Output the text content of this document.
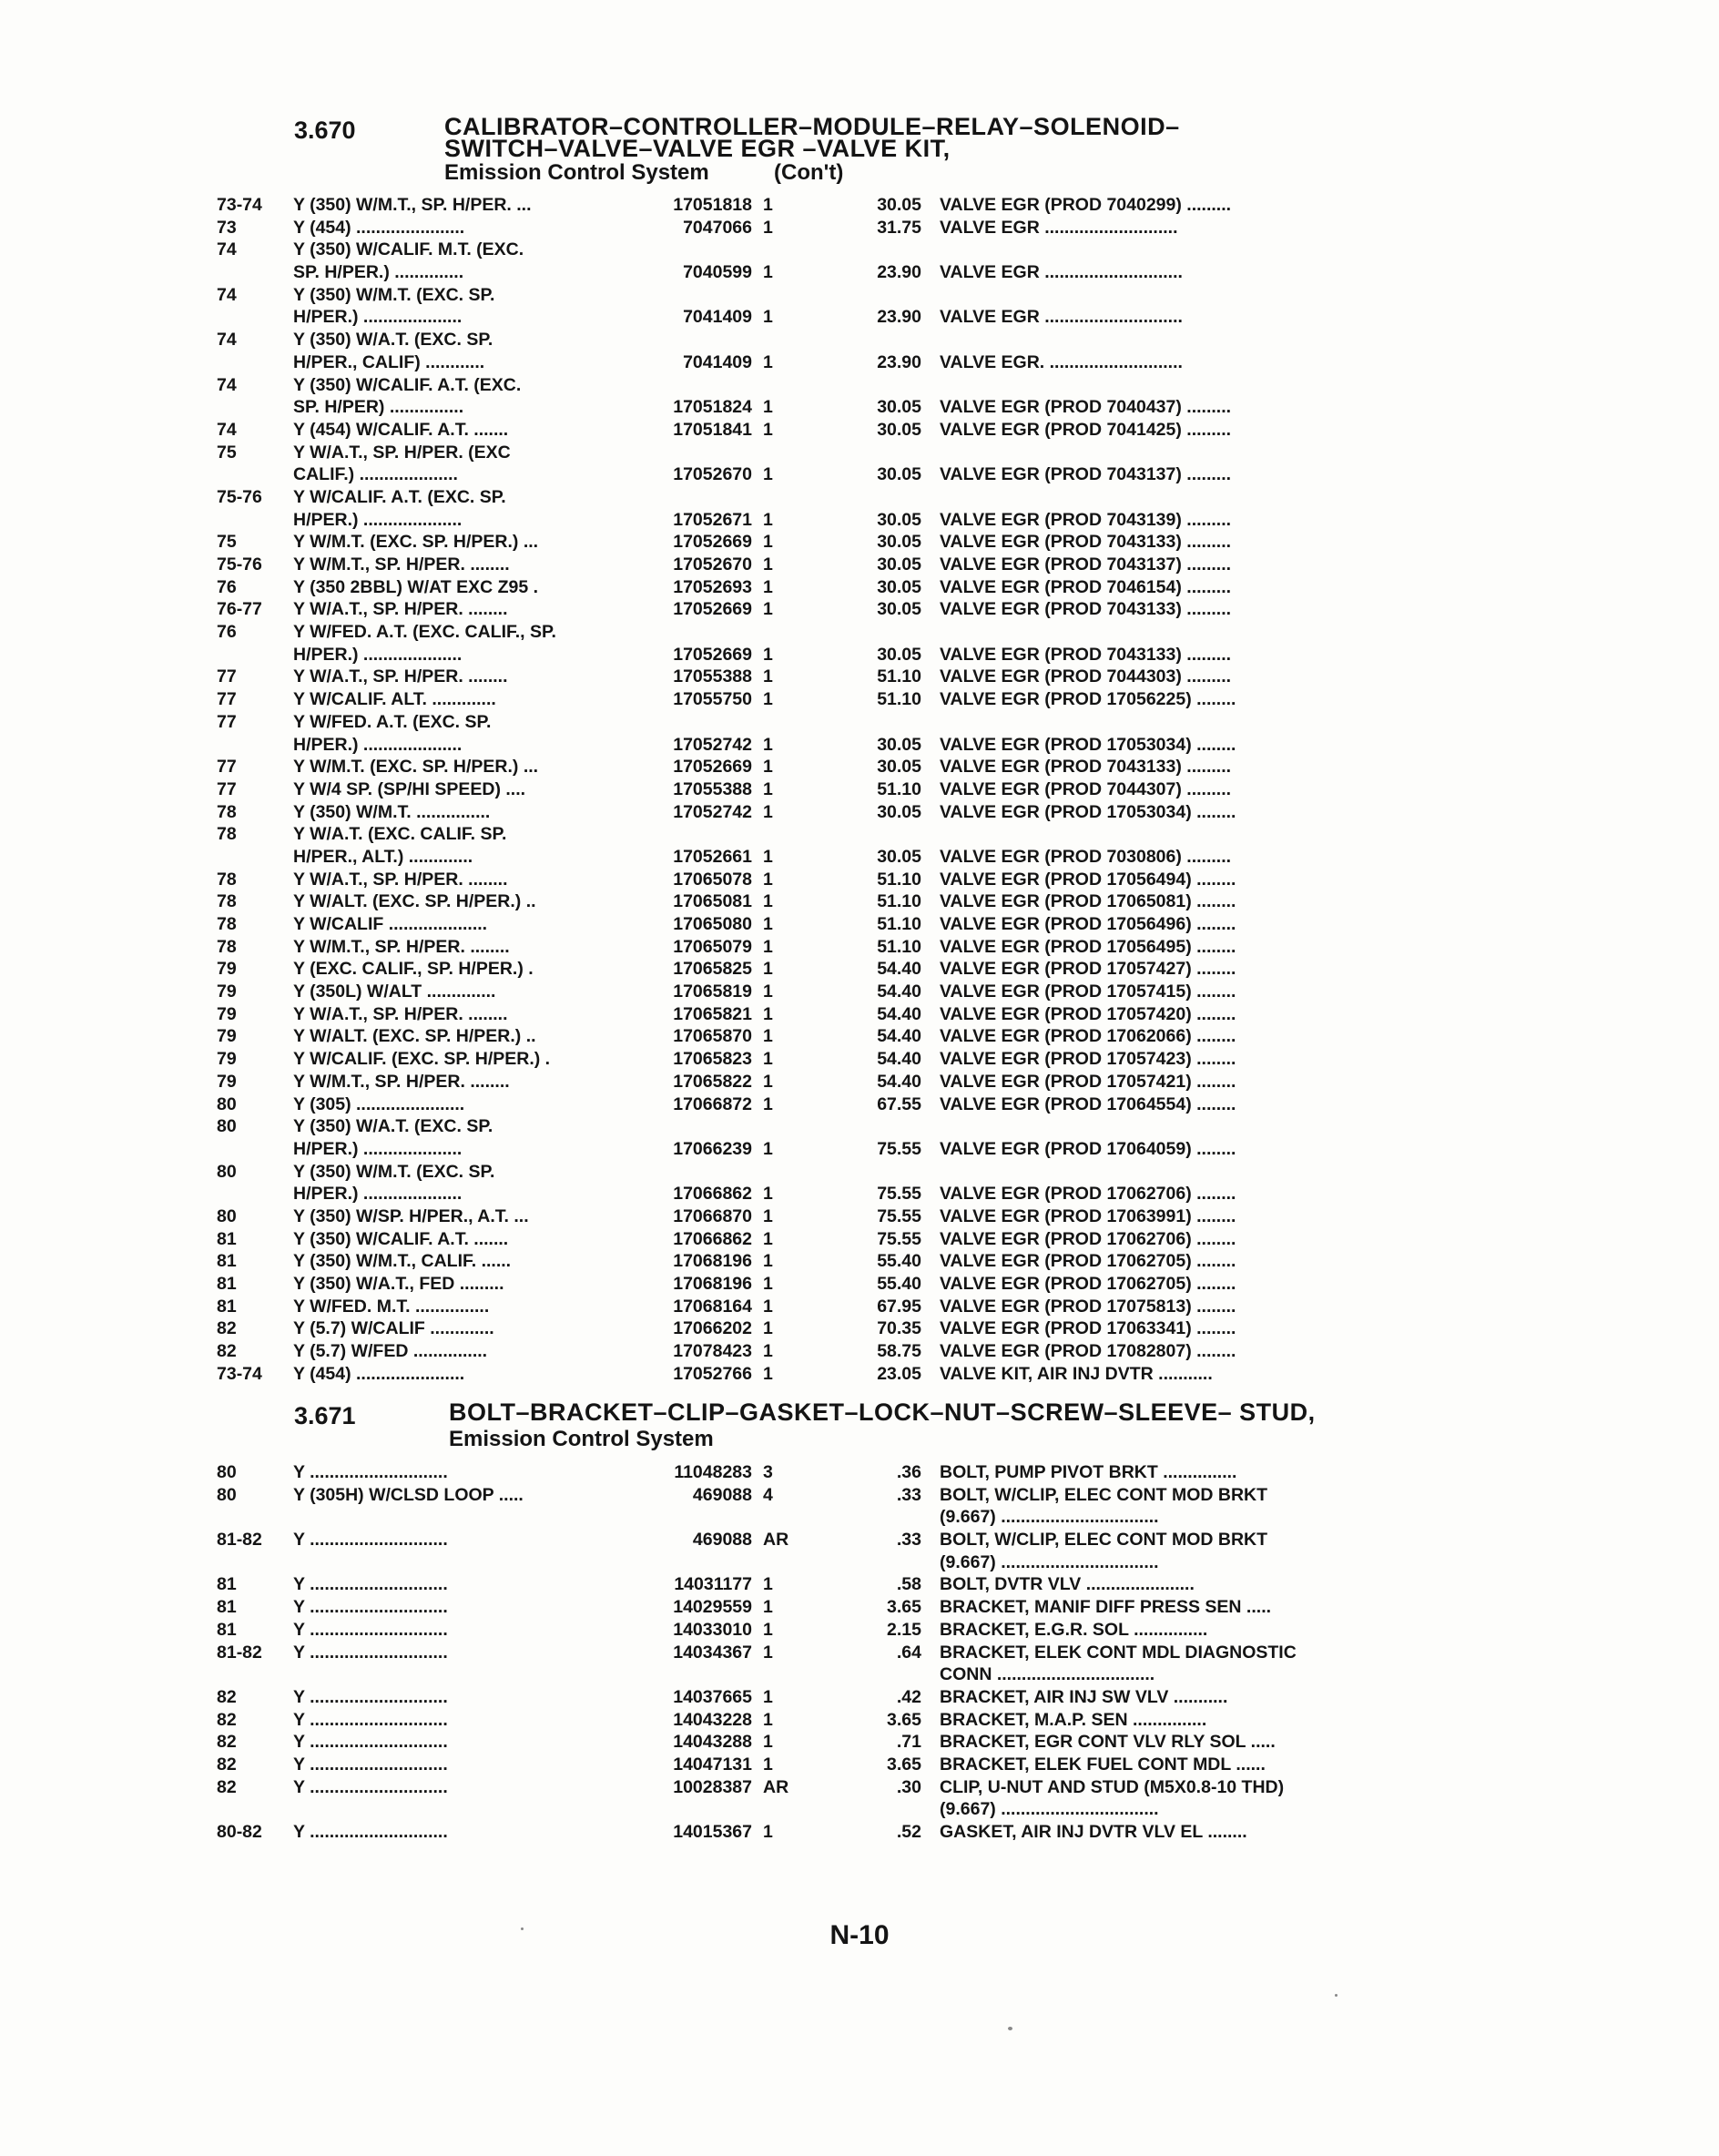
3.670	CALIBRATOR–CONTROLLER–MODULE–RELAY–SOLENOID–
SWITCH–VALVE–VALVE EGR –VALVE KIT,
Emission Control System	(Con't)
73-74	Y (350) W/M.T., SP. H/PER. ...	17051818 1	30.05 VALVE EGR (PROD 7040299) .........
73	Y (454) ......................	7047066 1	31.75 VALVE EGR ...........................
74	Y (350) W/CALIF. M.T. (EXC.
SP. H/PER.) ..............	7040599 1	23.90 VALVE EGR ............................
74	Y (350) W/M.T. (EXC. SP.
H/PER.) ....................	7041409 1	23.90 VALVE EGR ............................
74	Y (350) W/A.T. (EXC. SP.
H/PER., CALIF) ............	7041409 1	23.90 VALVE EGR. ...........................
74	Y (350) W/CALIF. A.T. (EXC.
SP. H/PER) ...............	17051824 1	30.05 VALVE EGR (PROD 7040437) .........
74	Y (454) W/CALIF. A.T. .......	17051841 1	30.05 VALVE EGR (PROD 7041425) .........
75	Y W/A.T., SP. H/PER. (EXC
CALIF.) ....................	17052670 1	30.05 VALVE EGR (PROD 7043137) .........
75-76	Y W/CALIF. A.T. (EXC. SP.
H/PER.) ....................	17052671 1	30.05 VALVE EGR (PROD 7043139) .........
75	Y W/M.T. (EXC. SP. H/PER.) ...	17052669 1	30.05 VALVE EGR (PROD 7043133) .........
75-76	Y W/M.T., SP. H/PER. ........	17052670 1	30.05 VALVE EGR (PROD 7043137) .........
76	Y (350 2BBL) W/AT EXC Z95 .	17052693 1	30.05 VALVE EGR (PROD 7046154) .........
76-77	Y W/A.T., SP. H/PER. ........	17052669 1	30.05 VALVE EGR (PROD 7043133) .........
76	Y W/FED. A.T. (EXC. CALIF., SP.
H/PER.) ....................	17052669 1	30.05 VALVE EGR (PROD 7043133) .........
77	Y W/A.T., SP. H/PER. ........	17055388 1	51.10 VALVE EGR (PROD 7044303) .........
77	Y W/CALIF. ALT. .............	17055750 1	51.10 VALVE EGR (PROD 17056225) ........
77	Y W/FED. A.T. (EXC. SP.
H/PER.) ....................	17052742 1	30.05 VALVE EGR (PROD 17053034) ........
77	Y W/M.T. (EXC. SP. H/PER.) ...	17052669 1	30.05 VALVE EGR (PROD 7043133) .........
77	Y W/4 SP. (SP/HI SPEED) ....	17055388 1	51.10 VALVE EGR (PROD 7044307) .........
78	Y (350) W/M.T. ...............	17052742 1	30.05 VALVE EGR (PROD 17053034) ........
78	Y W/A.T. (EXC. CALIF. SP.
H/PER., ALT.) .............	17052661 1	30.05 VALVE EGR (PROD 7030806) .........
78	Y W/A.T., SP. H/PER. ........	17065078 1	51.10 VALVE EGR (PROD 17056494) ........
78	Y W/ALT. (EXC. SP. H/PER.) ..	17065081 1	51.10 VALVE EGR (PROD 17065081) ........
78	Y W/CALIF ....................	17065080 1	51.10 VALVE EGR (PROD 17056496) ........
78	Y W/M.T., SP. H/PER. ........	17065079 1	51.10 VALVE EGR (PROD 17056495) ........
79	Y (EXC. CALIF., SP. H/PER.) .	17065825 1	54.40 VALVE EGR (PROD 17057427) ........
79	Y (350L) W/ALT ..............	17065819 1	54.40 VALVE EGR (PROD 17057415) ........
79	Y W/A.T., SP. H/PER. ........	17065821 1	54.40 VALVE EGR (PROD 17057420) ........
79	Y W/ALT. (EXC. SP. H/PER.) ..	17065870 1	54.40 VALVE EGR (PROD 17062066) ........
79	Y W/CALIF. (EXC. SP. H/PER.) .	17065823 1	54.40 VALVE EGR (PROD 17057423) ........
79	Y W/M.T., SP. H/PER. ........	17065822 1	54.40 VALVE EGR (PROD 17057421) ........
80	Y (305) ......................	17066872 1	67.55 VALVE EGR (PROD 17064554) ........
80	Y (350) W/A.T. (EXC. SP.
H/PER.) ....................	17066239 1	75.55 VALVE EGR (PROD 17064059) ........
80	Y (350) W/M.T. (EXC. SP.
H/PER.) ....................	17066862 1	75.55 VALVE EGR (PROD 17062706) ........
80	Y (350) W/SP. H/PER., A.T. ...	17066870 1	75.55 VALVE EGR (PROD 17063991) ........
81	Y (350) W/CALIF. A.T. .......	17066862 1	75.55 VALVE EGR (PROD 17062706) ........
81	Y (350) W/M.T., CALIF. ......	17068196 1	55.40 VALVE EGR (PROD 17062705) ........
81	Y (350) W/A.T., FED .........	17068196 1	55.40 VALVE EGR (PROD 17062705) ........
81	Y W/FED. M.T. ...............	17068164 1	67.95 VALVE EGR (PROD 17075813) ........
82	Y (5.7) W/CALIF .............	17066202 1	70.35 VALVE EGR (PROD 17063341) ........
82	Y (5.7) W/FED ...............	17078423 1	58.75 VALVE EGR (PROD 17082807) ........
73-74	Y (454) ......................	17052766 1	23.05 VALVE KIT, AIR INJ DVTR ...........
3.671	BOLT–BRACKET–CLIP–GASKET–LOCK–NUT–SCREW–SLEEVE– STUD,
Emission Control System
80	Y ............................	11048283 3	.36 BOLT, PUMP PIVOT BRKT ...............
80	Y (305H) W/CLSD LOOP .....	469088 4	.33 BOLT, W/CLIP, ELEC CONT MOD BRKT
(9.667) ................................
81-82	Y ............................	469088 AR	.33 BOLT, W/CLIP, ELEC CONT MOD BRKT
(9.667) ................................
81	Y ............................	14031177 1	.58 BOLT, DVTR VLV ......................
81	Y ............................	14029559 1	3.65 BRACKET, MANIF DIFF PRESS SEN .....
81	Y ............................	14033010 1	2.15 BRACKET, E.G.R. SOL ...............
81-82	Y ............................	14034367 1	.64 BRACKET, ELEK CONT MDL DIAGNOSTIC
CONN ................................
82	Y ............................	14037665 1	.42 BRACKET, AIR INJ SW VLV ...........
82	Y ............................	14043228 1	3.65 BRACKET, M.A.P. SEN ...............
82	Y ............................	14043288 1	.71 BRACKET, EGR CONT VLV RLY SOL .....
82	Y ............................	14047131 1	3.65 BRACKET, ELEK FUEL CONT MDL ......
82	Y ............................	10028387 AR	.30 CLIP, U-NUT AND STUD (M5X0.8-10 THD)
(9.667) ................................
80-82	Y ............................	14015367 1	.52 GASKET, AIR INJ DVTR VLV EL ........
N-10
